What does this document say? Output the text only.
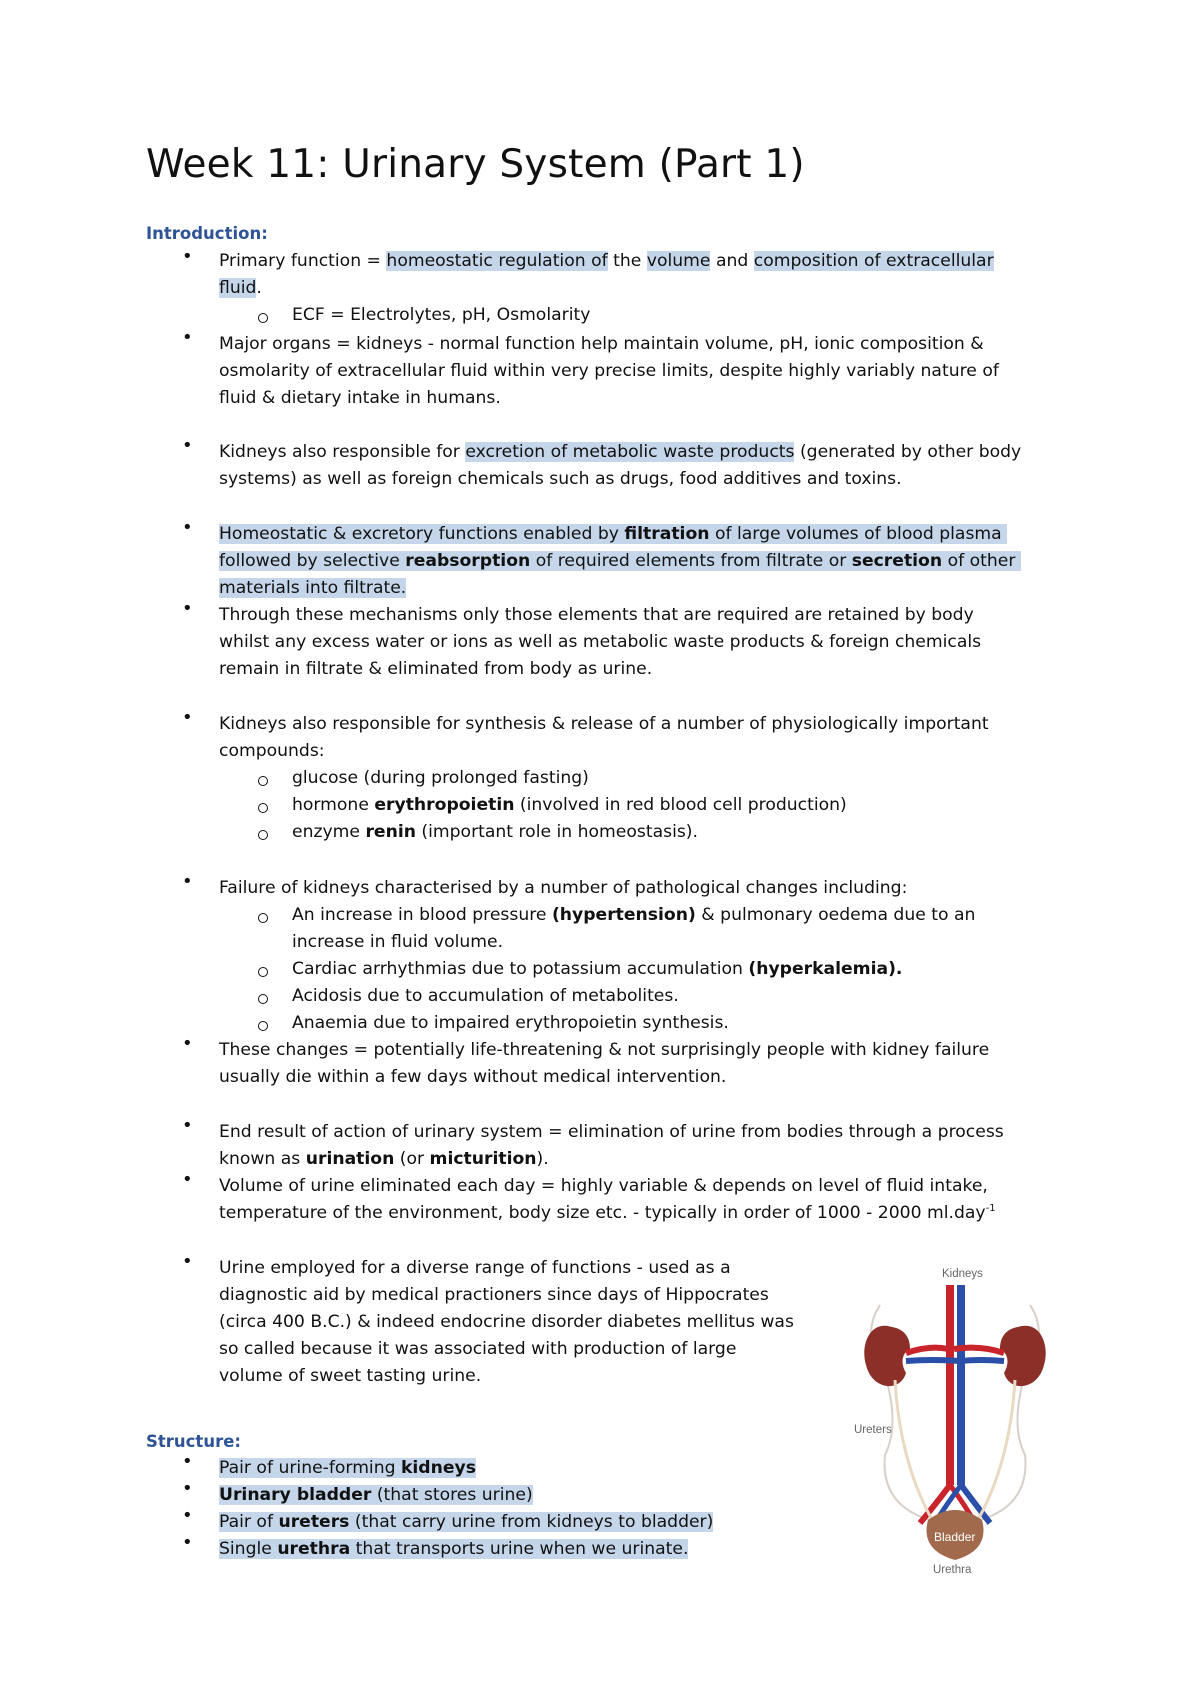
Week 11: Urinary System (Part 1)
Introduction:
• Primary function = homeostatic regulation of the volume and composition of extracellular
fluid.
ECF = Electrolytes, pH, Osmolarity
• Major organs = kidneys - normal function help maintain volume, pH, ionic composition &
osmolarity of extracellular fluid within very precise limits, despite highly variably nature of
fluid & dietary intake in humans.
• Kidneys also responsible for excretion of metabolic waste products (generated by other body
systems) as well as foreign chemicals such as drugs, food additives and toxins.
• Homeostatic & excretory functions enabled by filtration of large volumes of blood plasma
followed by selective reabsorption of required elements from filtrate or secretion of other
materials into filtrate.
• Through these mechanisms only those elements that are required are retained by body
whilst any excess water or ions as well as metabolic waste products & foreign chemicals
remain in filtrate & eliminated from body as urine.
• Kidneys also responsible for synthesis & release of a number of physiologically important
compounds:
glucose (during prolonged fasting)
hormone erythropoietin (involved in red blood cell production)
enzyme renin (important role in homeostasis).
• Failure of kidneys characterised by a number of pathological changes including:
An increase in blood pressure (hypertension) & pulmonary oedema due to an
increase in fluid volume.
Cardiac arrhythmias due to potassium accumulation (hyperkalemia).
Acidosis due to accumulation of metabolites.
Anaemia due to impaired erythropoietin synthesis.
• These changes = potentially life-threatening & not surprisingly people with kidney failure
usually die within a few days without medical intervention.
• End result of action of urinary system = elimination of urine from bodies through a process
known as urination (or micturition).
• Volume of urine eliminated each day = highly variable & depends on level of fluid intake,
temperature of the environment, body size etc. - typically in order of 1000 - 2000 ml.day$^{-1}$
• Urine employed for a diverse range of functions - used as a
diagnostic aid by medical practioners since days of Hippocrates
(circa 400 B.C.) & indeed endocrine disorder diabetes mellitus was
so called because it was associated with production of large
volume of sweet tasting urine.
Structure:
• Pair of urine-forming kidneys
• Urinary bladder (that stores urine)
• Pair of ureters (that carry urine from kidneys to bladder)
• Single urethra that transports urine when we urinate.
Kidneys
Ureters
Bladder
Urethra
